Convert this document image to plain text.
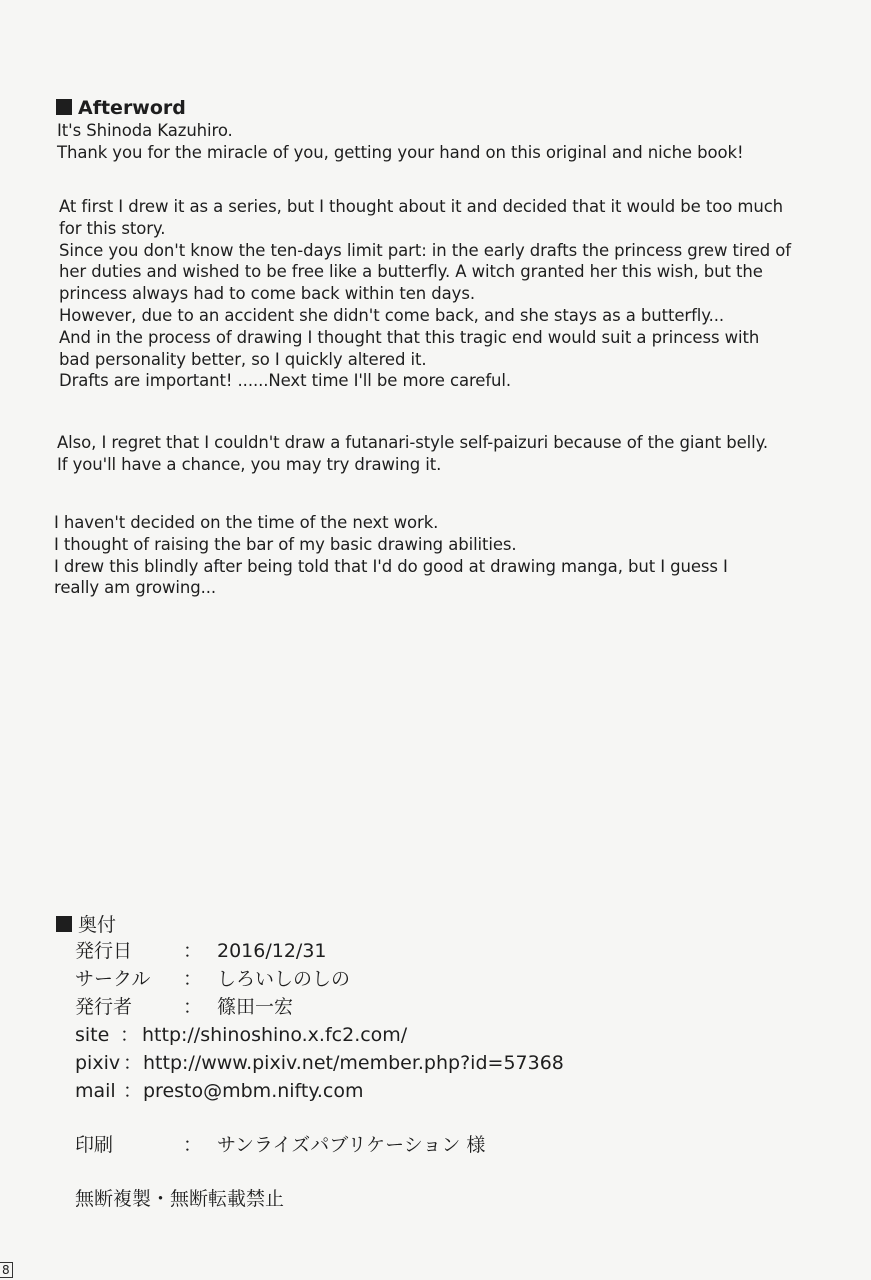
Afterword
It's Shinoda Kazuhiro.
Thank you for the miracle of you, getting your hand on this original and niche book!
At first I drew it as a series, but I thought about it and decided that it would be too much
for this story.
Since you don't know the ten-days limit part: in the early drafts the princess grew tired of
her duties and wished to be free like a butterfly. A witch granted her this wish, but the
princess always had to come back within ten days.
However, due to an accident she didn't come back, and she stays as a butterfly...
And in the process of drawing I thought that this tragic end would suit a princess with
bad personality better, so I quickly altered it.
Drafts are important! ......Next time I'll be more careful.
Also, I regret that I couldn't draw a futanari-style self-paizuri because of the giant belly.
If you'll have a chance, you may try drawing it.
I haven't decided on the time of the next work.
I thought of raising the bar of my basic drawing abilities.
I drew this blindly after being told that I'd do good at drawing manga, but I guess I
really am growing...
奥付
発行日	： 2016/12/31
サークル ： しろいしのしの
発行者	： 篠田一宏
site ： http://shinoshino.x.fc2.com/
pixiv ：http://www.pixiv.net/member.php?id=57368
mail ：presto@mbm.nifty.com
印刷	： サンライズパブリケーション 様
無断複製・無断転載禁止
8
